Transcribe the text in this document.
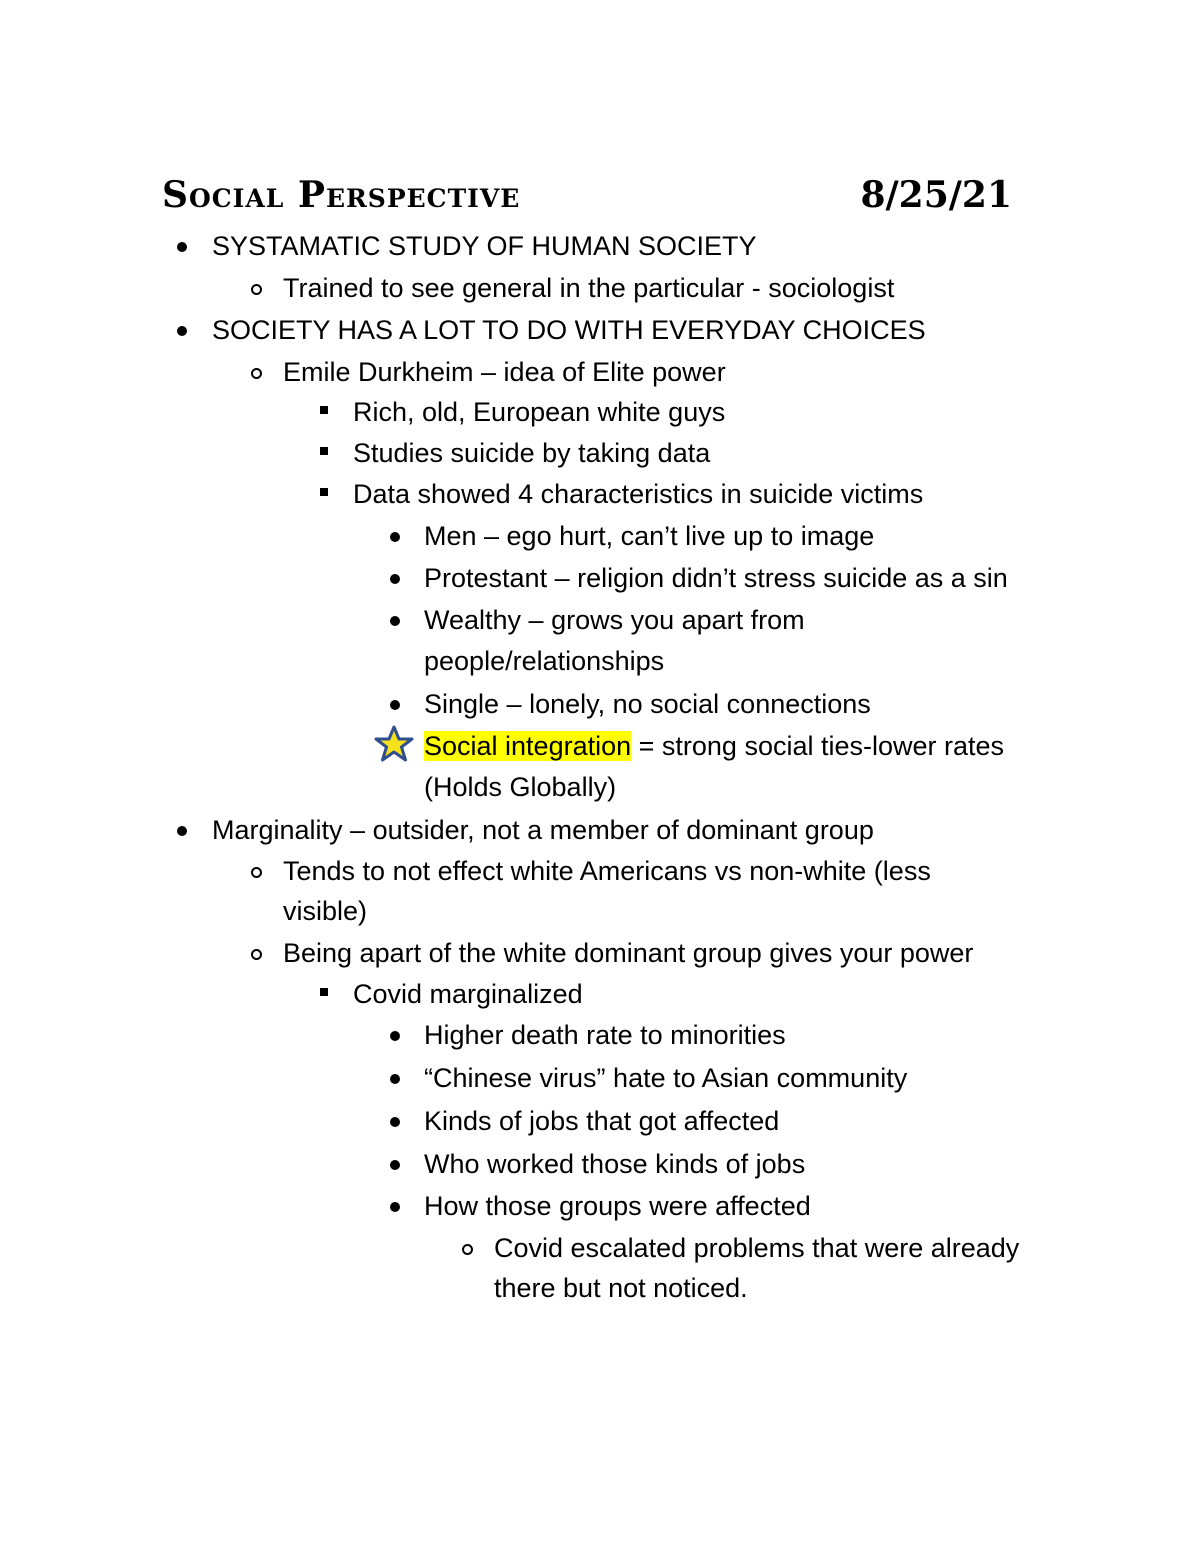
Social Perspective	8/25/21
SYSTAMATIC STUDY OF HUMAN SOCIETY
Trained to see general in the particular - sociologist
SOCIETY HAS A LOT TO DO WITH EVERYDAY CHOICES
Emile Durkheim – idea of Elite power
Rich, old, European white guys
Studies suicide by taking data
Data showed 4 characteristics in suicide victims
Men – ego hurt, can’t live up to image
Protestant – religion didn’t stress suicide as a sin
Wealthy – grows you apart from
people/relationships
Single – lonely, no social connections
Social integration = strong social ties-lower rates
(Holds Globally)
Marginality – outsider, not a member of dominant group
Tends to not effect white Americans vs non-white (less
visible)
Being apart of the white dominant group gives your power
Covid marginalized
Higher death rate to minorities
“Chinese virus” hate to Asian community
Kinds of jobs that got affected
Who worked those kinds of jobs
How those groups were affected
Covid escalated problems that were already
there but not noticed.
